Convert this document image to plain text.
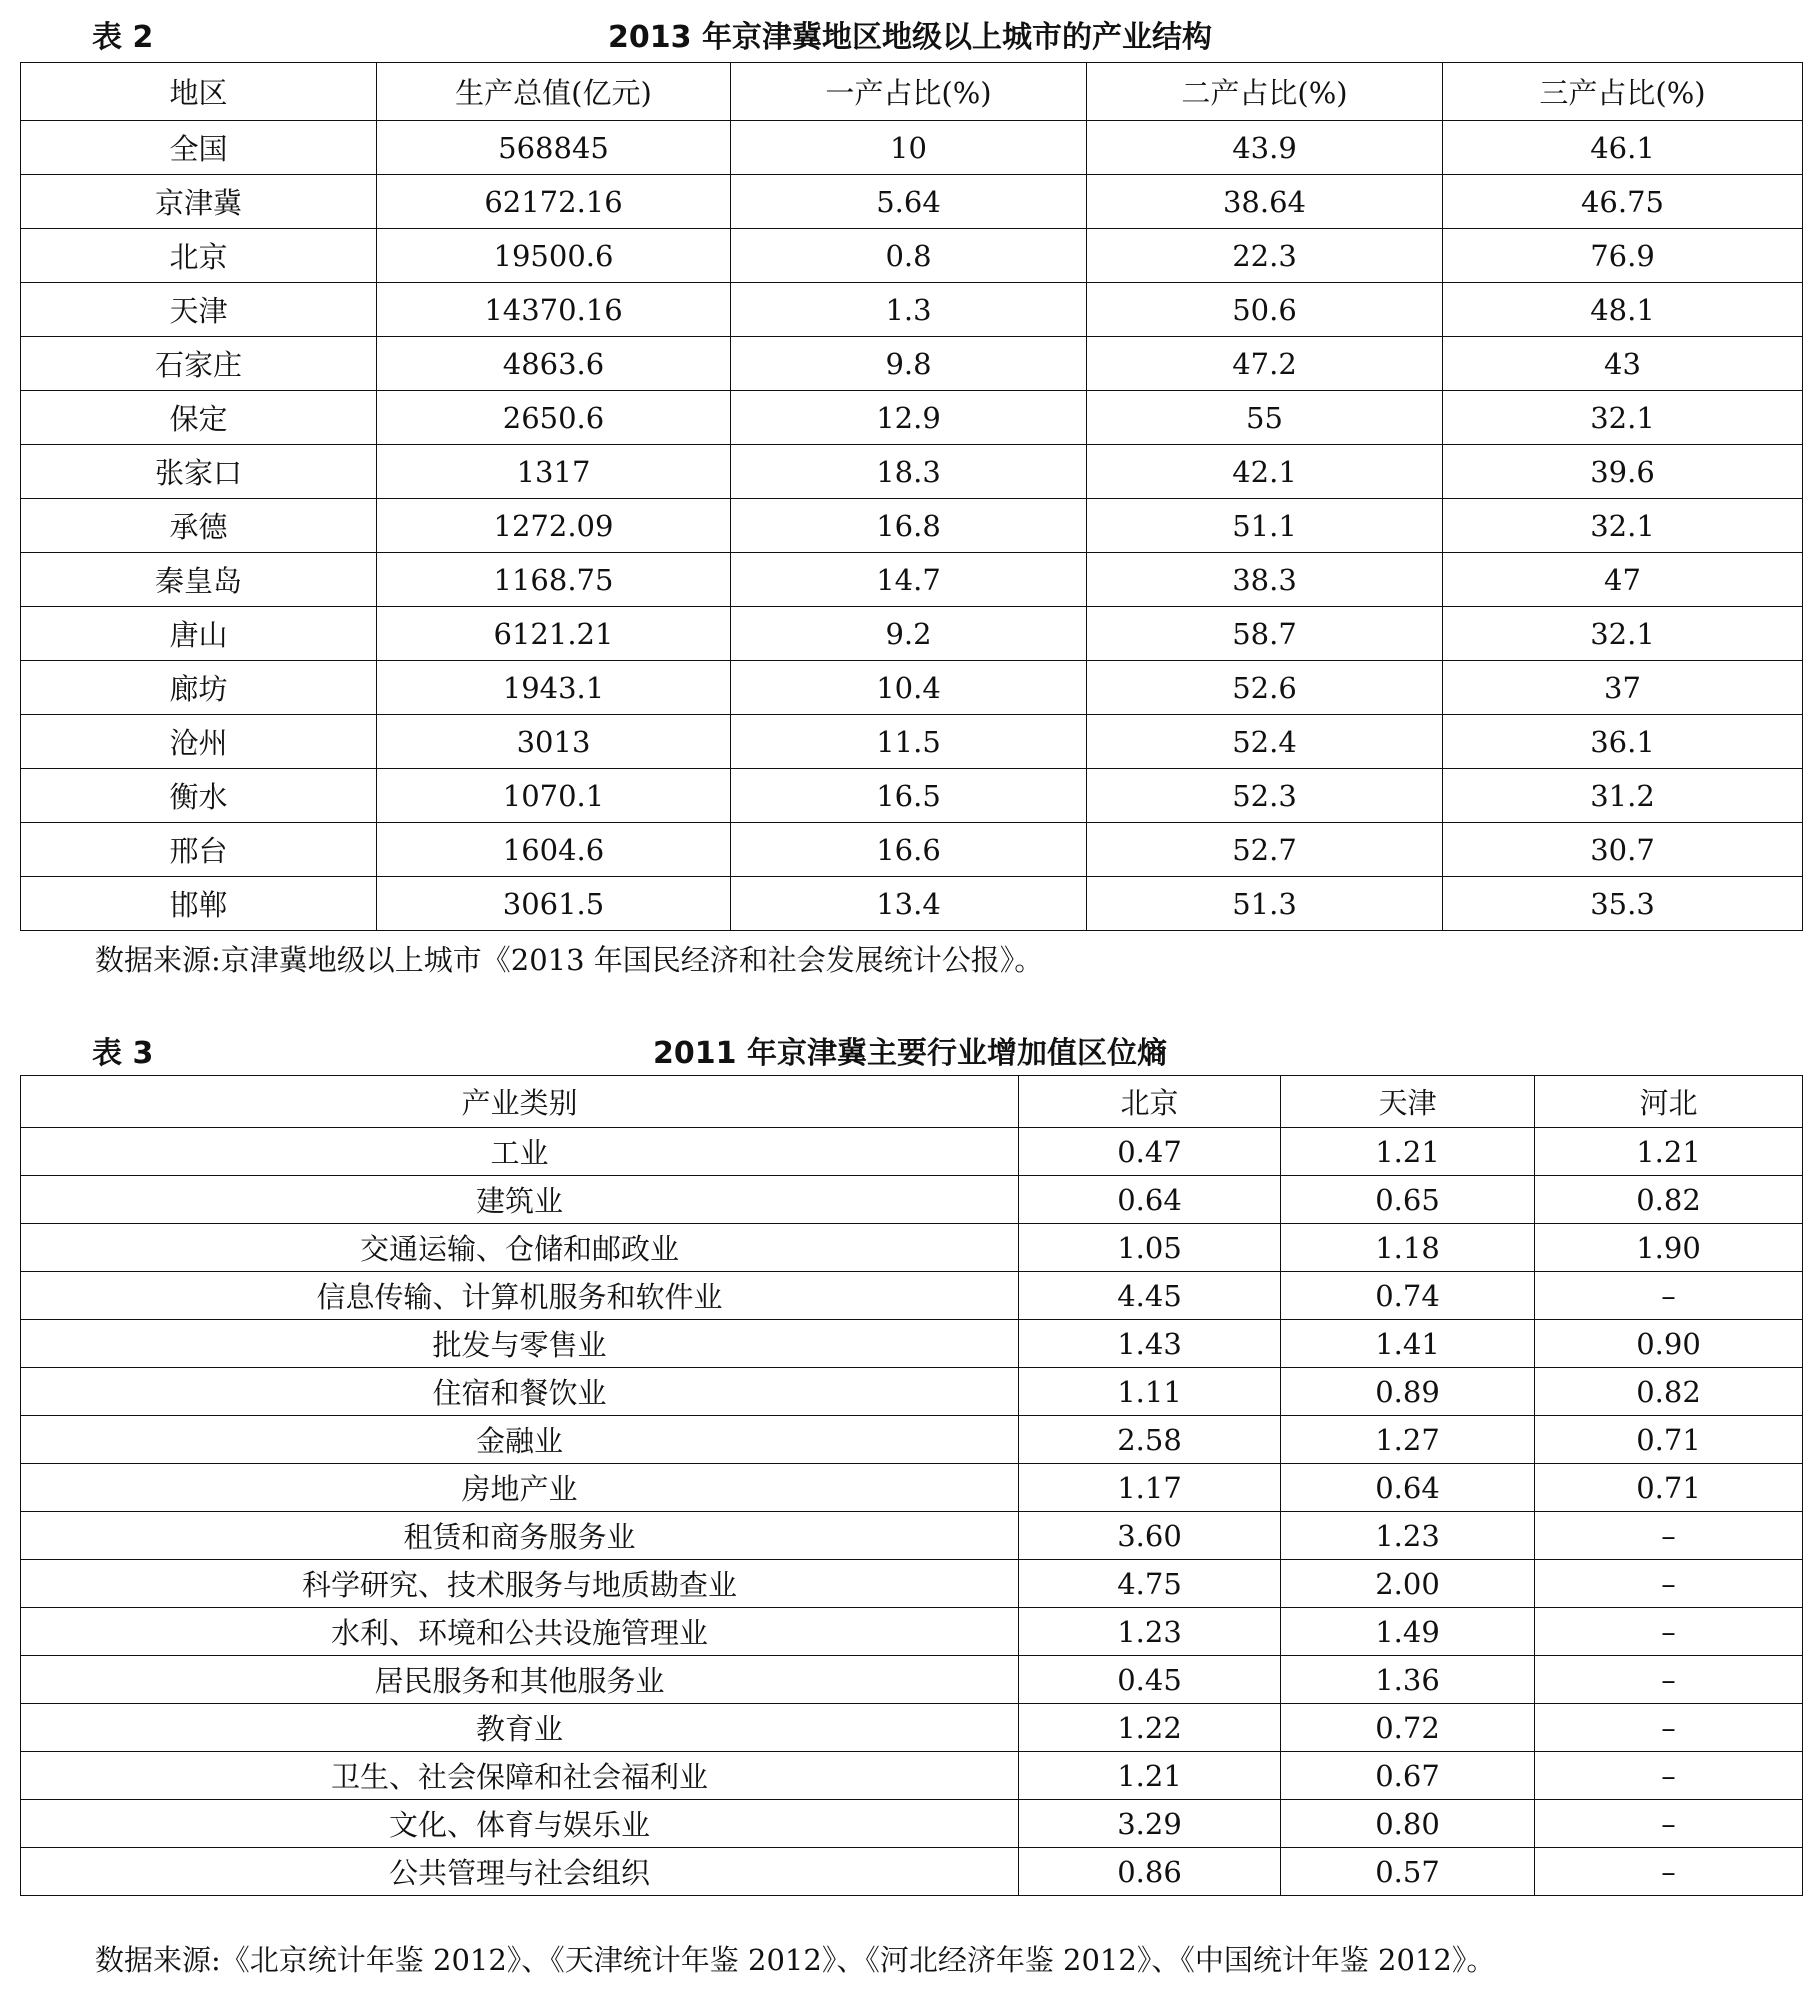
表 2	2013 年京津冀地区地级以上城市的产业结构
地区	生产总值(亿元)	一产占比(%)	二产占比(%)	三产占比(%)
全国	568845	10	43.9	46.1
京津冀	62172.16	5.64	38.64	46.75
北京	19500.6	0.8	22.3	76.9
天津	14370.16	1.3	50.6	48.1
石家庄	4863.6	9.8	47.2	43
保定	2650.6	12.9	55	32.1
张家口	1317	18.3	42.1	39.6
承德	1272.09	16.8	51.1	32.1
秦皇岛	1168.75	14.7	38.3	47
唐山	6121.21	9.2	58.7	32.1
廊坊	1943.1	10.4	52.6	37
沧州	3013	11.5	52.4	36.1
衡水	1070.1	16.5	52.3	31.2
邢台	1604.6	16.6	52.7	30.7
邯郸	3061.5	13.4	51.3	35.3
数据来源:京津冀地级以上城市《2013 年国民经济和社会发展统计公报》。
表 3	2011 年京津冀主要行业增加值区位熵
产业类别	北京	天津	河北
工业	0.47	1.21	1.21
建筑业	0.64	0.65	0.82
交通运输、仓储和邮政业	1.05	1.18	1.90
信息传输、计算机服务和软件业	4.45	0.74	–
批发与零售业	1.43	1.41	0.90
住宿和餐饮业	1.11	0.89	0.82
金融业	2.58	1.27	0.71
房地产业	1.17	0.64	0.71
租赁和商务服务业	3.60	1.23	–
科学研究、技术服务与地质勘查业	4.75	2.00	–
水利、环境和公共设施管理业	1.23	1.49	–
居民服务和其他服务业	0.45	1.36	–
教育业	1.22	0.72	–
卫生、社会保障和社会福利业	1.21	0.67	–
文化、体育与娱乐业	3.29	0.80	–
公共管理与社会组织	0.86	0.57	–
数据来源:《北京统计年鉴 2012》、《天津统计年鉴 2012》、《河北经济年鉴 2012》、《中国统计年鉴 2012》。
